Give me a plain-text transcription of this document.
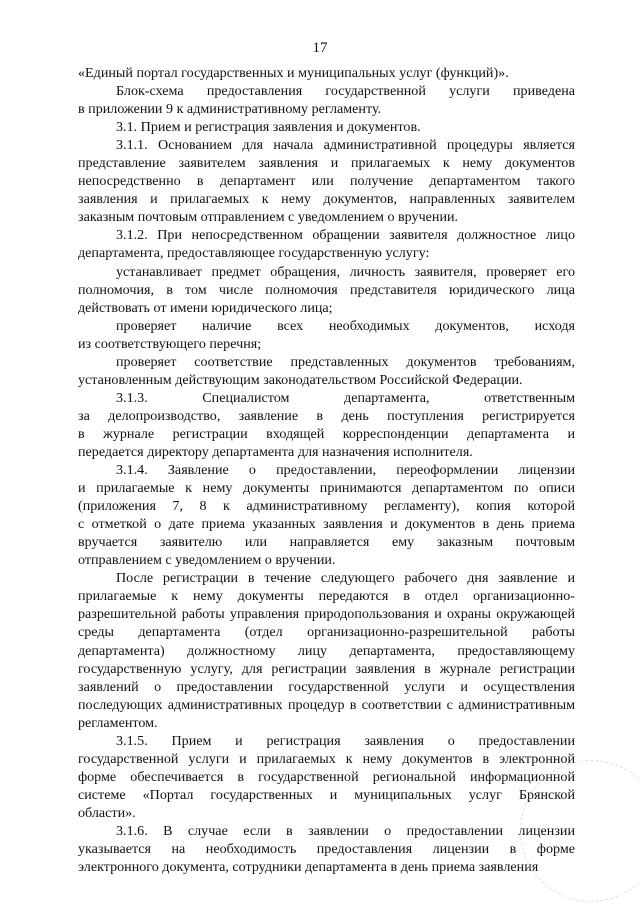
17

«Единый портал государственных и муниципальных услуг (функций)».

Блок-схема предоставления государственной услуги приведена
в приложении 9 к административному регламенту.

3.1. Прием и регистрация заявления и документов.

3.1.1. Основанием для начала административной процедуры является
представление заявителем заявления и прилагаемых к нему документов
непосредственно в департамент или получение департаментом такого
заявления и прилагаемых к нему документов, направленных заявителем
заказным почтовым отправлением с уведомлением о вручении.

3.1.2. При непосредственном обращении заявителя должностное лицо
департамента, предоставляющее государственную услугу:

устанавливает предмет обращения, личность заявителя, проверяет его
полномочия, в том числе полномочия представителя юридического лица
действовать от имени юридического лица;

проверяет наличие всех необходимых документов, исходя
из соответствующего перечня;

проверяет соответствие представленных документов требованиям,
установленным действующим законодательством Российской Федерации.

3.1.3. Специалистом департамента, ответственным
за делопроизводство, заявление в день поступления регистрируется
в журнале регистрации входящей корреспонденции департамента и
передается директору департамента для назначения исполнителя.

3.1.4. Заявление о предоставлении, переоформлении лицензии
и прилагаемые к нему документы принимаются департаментом по описи
(приложения 7, 8 к административному регламенту), копия которой
с отметкой о дате приема указанных заявления и документов в день приема
вручается заявителю или направляется ему заказным почтовым
отправлением с уведомлением о вручении.

После регистрации в течение следующего рабочего дня заявление и прилагаемые к нему документы передаются в отдел организационно-разрешительной работы управления природопользования и охраны окружающей среды департамента (отдел организационно-разрешительной работы департамента) должностному лицу департамента, предоставляющему государственную услугу, для регистрации заявления в журнале регистрации заявлений о предоставлении государственной услуги и осуществления последующих административных процедур в соответствии с административным регламентом.

3.1.5. Прием и регистрация заявления о предоставлении
государственной услуги и прилагаемых к нему документов в электронной
форме обеспечивается в государственной региональной информационной
системе «Портал государственных и муниципальных услуг Брянской
области».

3.1.6. В случае если в заявлении о предоставлении лицензии
указывается на необходимость предоставления лицензии в форме
электронного документа, сотрудники департамента в день приема заявления
